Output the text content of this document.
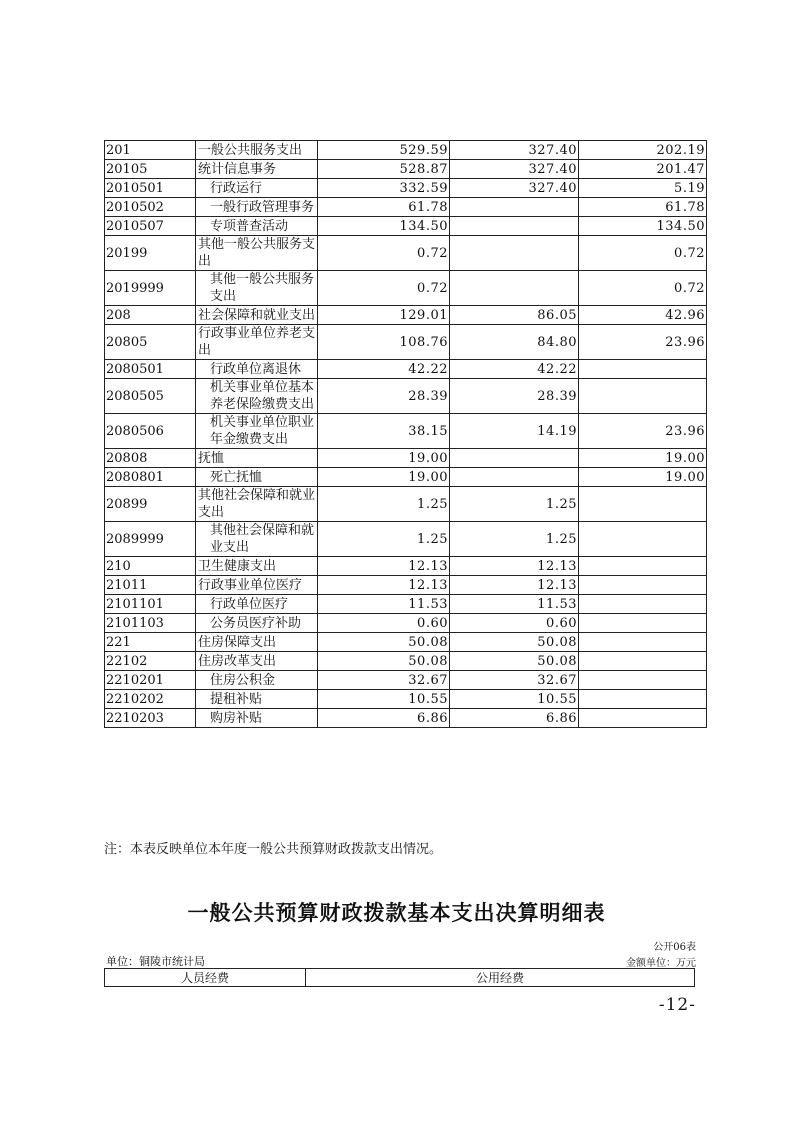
201	一般公共服务支出	529.59	327.40	202.19
20105	统计信息事务	528.87	327.40	201.47
2010501	行政运行	332.59	327.40	5.19
2010502	一般行政管理事务	61.78		61.78
2010507	专项普查活动	134.50		134.50
20199	其他一般公共服务支出	0.72		0.72
2019999	其他一般公共服务支出	0.72		0.72
208	社会保障和就业支出	129.01	86.05	42.96
20805	行政事业单位养老支出	108.76	84.80	23.96
2080501	行政单位离退休	42.22	42.22	
2080505	机关事业单位基本养老保险缴费支出	28.39	28.39	
2080506	机关事业单位职业年金缴费支出	38.15	14.19	23.96
20808	抚恤	19.00		19.00
2080801	死亡抚恤	19.00		19.00
20899	其他社会保障和就业支出	1.25	1.25	
2089999	其他社会保障和就业支出	1.25	1.25	
210	卫生健康支出	12.13	12.13	
21011	行政事业单位医疗	12.13	12.13	
2101101	行政单位医疗	11.53	11.53	
2101103	公务员医疗补助	0.60	0.60	
221	住房保障支出	50.08	50.08	
22102	住房改革支出	50.08	50.08	
2210201	住房公积金	32.67	32.67	
2210202	提租补贴	10.55	10.55	
2210203	购房补贴	6.86	6.86	
注：本表反映单位本年度一般公共预算财政拨款支出情况。
一般公共预算财政拨款基本支出决算明细表
公开06表
单位：铜陵市统计局	金额单位：万元
人员经费	公用经费
-12-
